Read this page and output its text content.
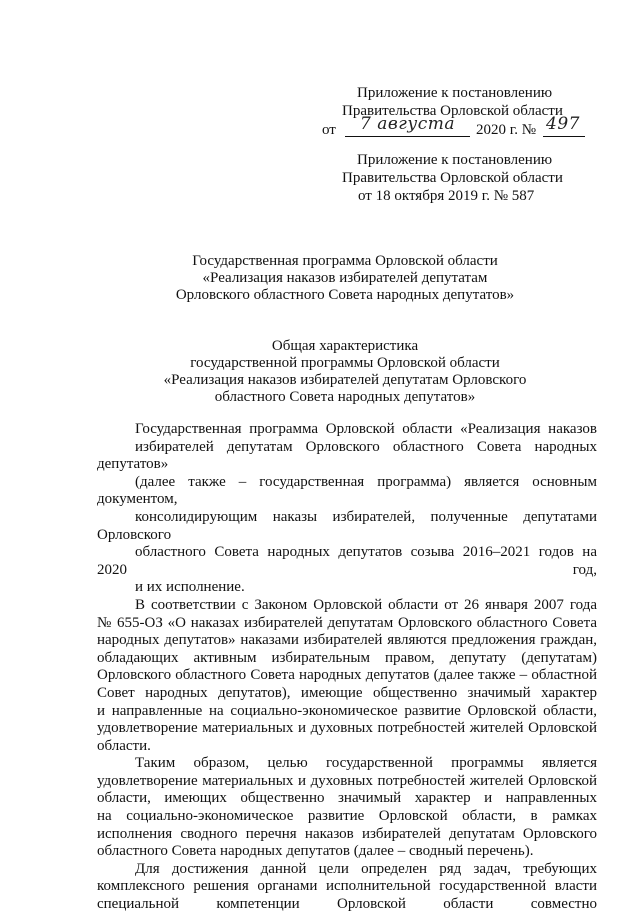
Приложение к постановлению
Правительства Орловской области
от 7 августа 2020 г. № 497
Приложение к постановлению
Правительства Орловской области
от 18 октября 2019 г. № 587
Государственная программа Орловской области
«Реализация наказов избирателей депутатам
Орловского областного Совета народных депутатов»
Общая характеристика
государственной программы Орловской области
«Реализация наказов избирателей депутатам Орловского
областного Совета народных депутатов»

Государственная программа Орловской области «Реализация наказов
избирателей депутатам Орловского областного Совета народных депутатов»
(далее также – государственная программа) является основным документом,
консолидирующим наказы избирателей, полученные депутатами Орловского
областного Совета народных депутатов созыва 2016–2021 годов на 2020 год,
и их исполнение.

В соответствии с Законом Орловской области от 26 января 2007 года
№ 655-ОЗ «О наказах избирателей депутатам Орловского областного Совета
народных депутатов» наказами избирателей являются предложения граждан,
обладающих активным избирательным правом, депутату (депутатам)
Орловского областного Совета народных депутатов (далее также – областной
Совет народных депутатов), имеющие общественно значимый характер
и направленные на социально-экономическое развитие Орловской области,
удовлетворение материальных и духовных потребностей жителей Орловской
области.

Таким образом, целью государственной программы является
удовлетворение материальных и духовных потребностей жителей Орловской
области, имеющих общественно значимый характер и направленных
на социально-экономическое развитие Орловской области, в рамках
исполнения сводного перечня наказов избирателей депутатам Орловского
областного Совета народных депутатов (далее – сводный перечень).

Для достижения данной цели определен ряд задач, требующих
комплексного решения органами исполнительной государственной власти
специальной компетенции Орловской области совместно
